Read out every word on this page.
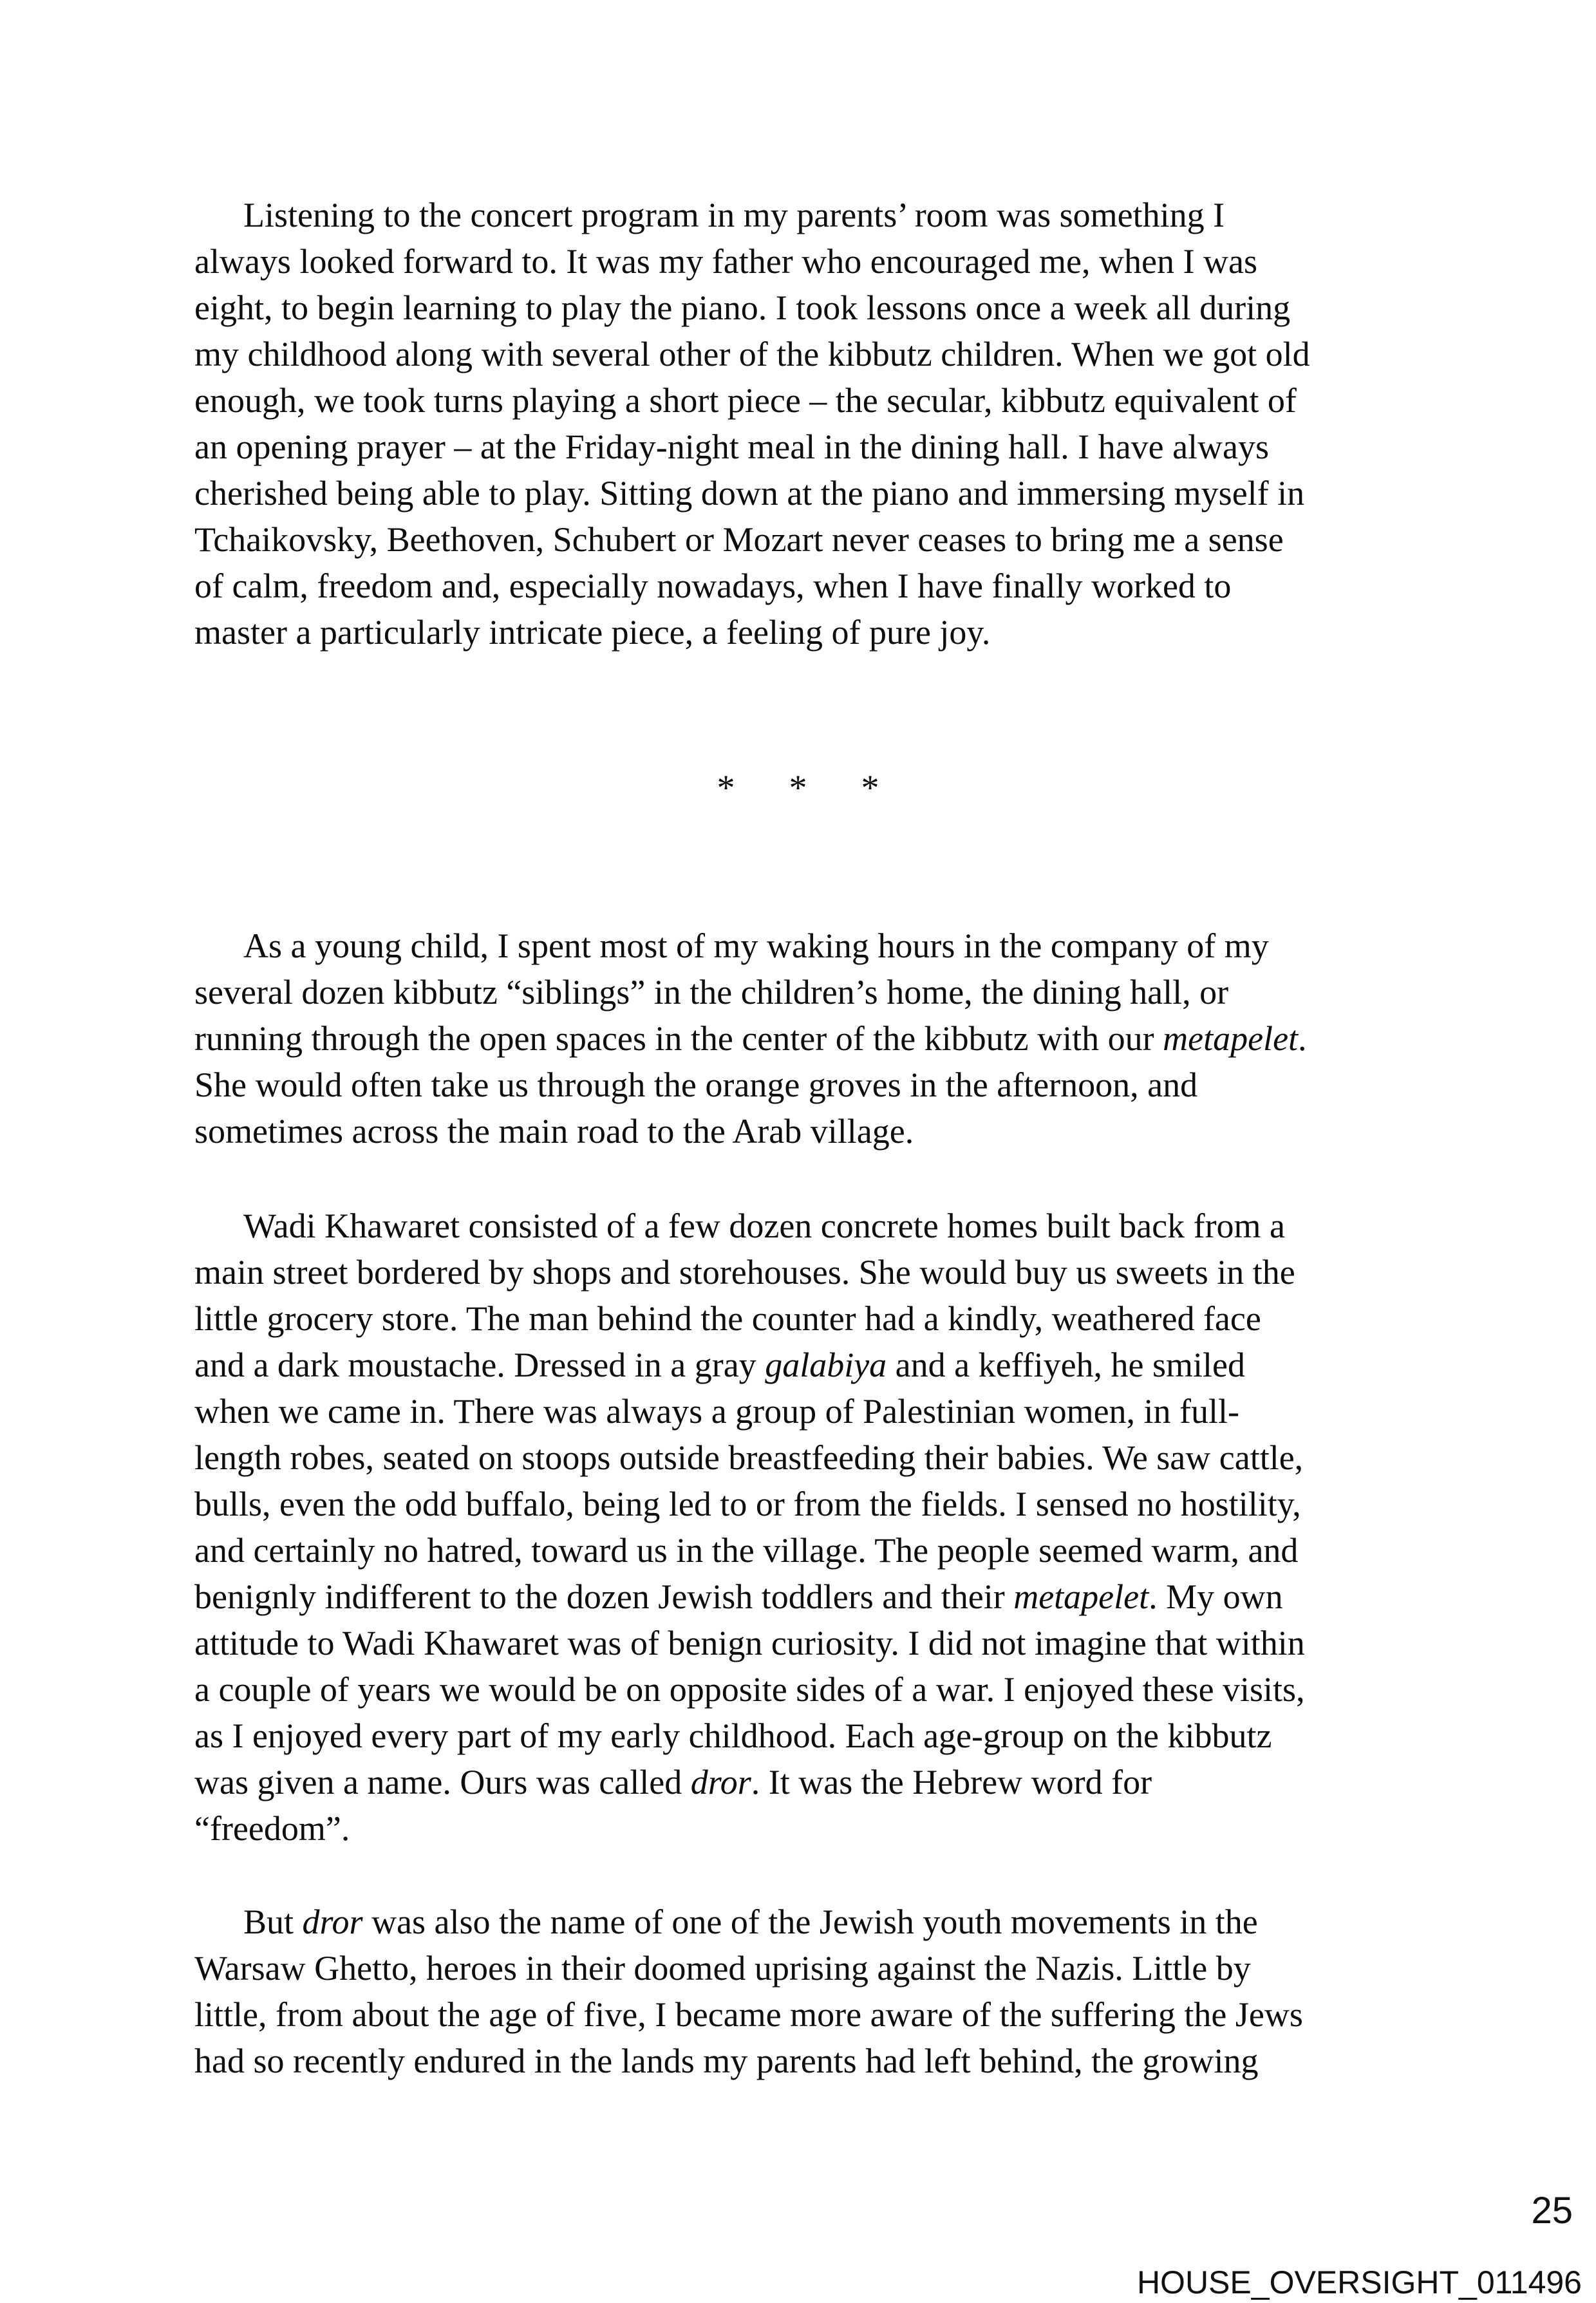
Listening to the concert program in my parents’ room was something I
always looked forward to. It was my father who encouraged me, when I was
eight, to begin learning to play the piano. I took lessons once a week all during
my childhood along with several other of the kibbutz children. When we got old
enough, we took turns playing a short piece – the secular, kibbutz equivalent of
an opening prayer – at the Friday-night meal in the dining hall. I have always
cherished being able to play. Sitting down at the piano and immersing myself in
Tchaikovsky, Beethoven, Schubert or Mozart never ceases to bring me a sense
of calm, freedom and, especially nowadays, when I have finally worked to
master a particularly intricate piece, a feeling of pure joy.
* * *
As a young child, I spent most of my waking hours in the company of my
several dozen kibbutz “siblings” in the children’s home, the dining hall, or
running through the open spaces in the center of the kibbutz with our metapelet.
She would often take us through the orange groves in the afternoon, and
sometimes across the main road to the Arab village.
Wadi Khawaret consisted of a few dozen concrete homes built back from a
main street bordered by shops and storehouses. She would buy us sweets in the
little grocery store. The man behind the counter had a kindly, weathered face
and a dark moustache. Dressed in a gray galabiya and a keffiyeh, he smiled
when we came in. There was always a group of Palestinian women, in full-
length robes, seated on stoops outside breastfeeding their babies. We saw cattle,
bulls, even the odd buffalo, being led to or from the fields. I sensed no hostility,
and certainly no hatred, toward us in the village. The people seemed warm, and
benignly indifferent to the dozen Jewish toddlers and their metapelet. My own
attitude to Wadi Khawaret was of benign curiosity. I did not imagine that within
a couple of years we would be on opposite sides of a war. I enjoyed these visits,
as I enjoyed every part of my early childhood. Each age-group on the kibbutz
was given a name. Ours was called dror. It was the Hebrew word for
“freedom”.
But dror was also the name of one of the Jewish youth movements in the
Warsaw Ghetto, heroes in their doomed uprising against the Nazis. Little by
little, from about the age of five, I became more aware of the suffering the Jews
had so recently endured in the lands my parents had left behind, the growing
25
HOUSE_OVERSIGHT_011496
